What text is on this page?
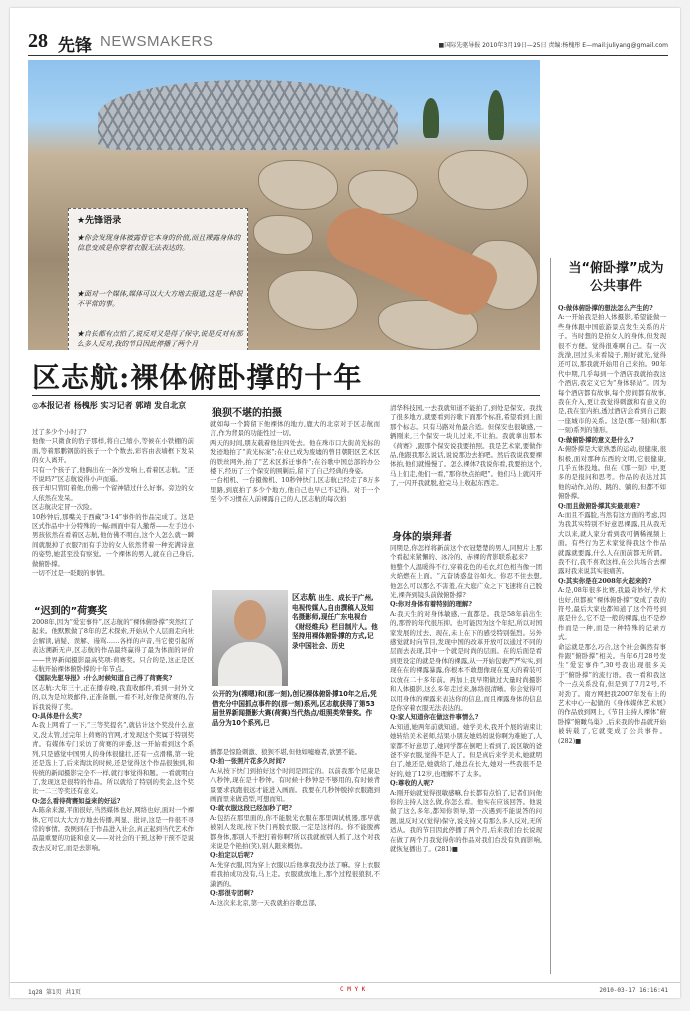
28 先锋 NEWSMAKERS	■国际先驱导报 2010年3月19日—25日 责编:杨槐彤 E—mail:juliyang@gmail.com
★先锋语录
★你会发现身体被露骨它本身的价值,而且裸露身体的信息变成是你穿着衣服无法表达的。
★面对一个媒体,媒体可以大大方地去报道,这是一种很不平常的事。
★自长都有点怕了,说反对又是得了保守,说是反对有那么多人反对,我的节目因此停播了两个月
区志航:裸体俯卧撑的十年
◎本报记者 杨槐彤 实习记者 郭靖 发自北京

过了多少个小时了?

他像一只微食的豹子那样,将自己缩小,等候在小铁棚的前面,等着那鹏钢筋的孩子一个个数去,彩容由表墙框下发呆的女人离开。

只有一个孩子了,他胸出在一条沙发响上,看着区志航。“还不说吗?”区志航说得小声而遥。

孩子却只管盯着他,仿佛一个留神错过什么好事。旁边的女人依然在发呆。

区志航决定冒一次险。

10秒钟后,那嘴关于西藏“3·14”事件的作品完成了。这是区式作品中十分特殊的一幅:画面中有人撤帮——左手边小男孩依然在看着区志航,他仿佛不明白,这个人怎么就一瞬间就脱掉了衣服?而有手边的女人依然背着一种充满诗意的姿势,她甚至没有察觉。一个裸体的男人,就在自己身后,做俯卧撑。

一切不过是一眨眼的事情。

“迟到的”荷赛奖

2008年,因为“爱宏事件”,区志航的“裸体俯卧撑”突然红了起来。他默默做了8年的艺术探索,开始从个人层面走向社会解读,请疑、误解、谩骂……各样的声音,当它使引起所表达溯新无声,区志航的作品最终赢得了最为体面的评价——世界新闻摄影最高奖项:荷赛奖。只合的是,这正是区志航开始裸体俯卧撑的十年节点。

《国际先驱导报》:什么时候知道自己得了荷赛奖?

区志航:大年三十,正在播春晚,我直收邮件,看到一封外文的,以为是垃圾邮件,正准备删,一看不对,好像是荷赛的,告诉我说得了奖。

Q:具体是什么奖?

A:我上网看了一下,“三等奖提名”,就估计这个奖没什么意义,没太管,过完年上荷赛的官网,才发现这个奖属于特别奖青。有媒体专门采访了荷赛的评委,这一开始看到这个系列,只是感觉中国男人的身体很健壮,还有一点滑稽,第一轮还是选上了,后来淘汰的时候,还是觉得这个作品很独到,和传统的新闻摄影完全不一样,就行事觉得和题。一看就明白了,发现这是很特的作品。所以就给了特别的奖金,这个奖比一二三等奖还有意义。

Q:怎么看待荷赛如益来的好运?

A:陈余来源,平面很好,当然媒体也好,网络也好,面对一个裸体,它可以大大方方地去传播,判显、批评,这是一件很不寻常的事情。我例到在于作品进入社会,真正起到当代艺术作品最重要的功能和意义——对社会的干预,这种干预不是说我去反对它,而是去影响。

狼狈不堪的拍摄

就如每一个跨留下他裸体的地方,鹿大的北京对于区志航而言,作为背景的功能性过一切。

两天的时间,朋友载着他往四处去。他在珠市口大街黄光标的发迹地拍了“黄光标案”;在业已成为废墟的曾目朝阳区艺术区的铁丝网外,拍了“艺术区拆迁事件”;在谷歌中国总部的办公楼下,经历了三个保安的围剿后,留下了自己经典的身姿。

一台相机、一台摄像机、10秒钟快门,区志航已经走了8万多里路,到底拍了多少个地方,他自己也早已不记得。对于一个至今不习惯在人前裸露自己的人,区志航的每次拍

区志航 出生、成长于广州,电视传媒人,自由撰稿人及知名摄影师,现任广东电视台《财经维兵》栏目制片人。他坚持用裸体俯卧撑的方式,记录中国社会、历史
公开的为(裸嗯)和(那一刻),创记裸体俯卧撑10年之后,凭借充分中国抓点事件的(那一刻)系列,区志航获得了第53届世界新闻摄影大赛(荷赛)当代热点/组照类荣誉奖。作品分为10个系列,已

播都是惊险刺激、狼狈不堪,但他如嘘瘾者,欲罢不能。

Q:拍一张照片花多久时间?

A:从按下快门到拍好这个时间是固定的。以前我那个尼康是八秒钟,现在是十秒钟。有时候十秒钟是不够用的,有时候背景要求我跑很远才能进入画面。我要在几秒钟脱掉衣服跑到画面里来做造型,可想而知。

Q:就衣服这段已经加秒了吧?

A:包括在那里面的,你不能脱光衣服在那里调试机器,那早就被别人发现,按下快门再脱衣服,一定是这样的。你不能脱裤都身体,那别人不把打着你啊?所以我就被别人抓了,这个对我来说是个艳拍(笑),别人跟来概仿。

Q:拍定以后呢?

A:先穿衣服,因为穿上衣服以后他拿我没办法了嘛。穿上衣服看我拍成功没有,马上走。衣服就放地上,那个过程很狼狈,不潇洒的。

Q:那很专团啊?

A:这次来北京,第一天我就拍谷歌总部,

清华科技园,一去我就知道不能拍了,到处是保安。我找了很多地方,就要看到谷歌下面那个标准,希望看到上面那个标志。只有马路对角最合适。但保安也很敏感,一辆刚来,三个保安一块儿过来,不让拍。我就拿出那本《荷赛》,跟那个保安说我要拍照。我是艺术家,要做作品,他跟我那么说话,说说那边去拍吧。然后我说我要裸体拍,他们就慢慢了。怎么裸体?我说你看,我要拍这个,马上们走,他们一看,“那你快点拍吧”。他们马上就闪开了,一闪开我就脱,抢完马上收起东西走。

身体的崇拜者

同期是,你怎样将新前这个衣冠楚楚的男人,同照片上那个看起来紧懈的、冰冷的、赤裸的背影联系起来?

他整个人温暖得不行,穿着花色的毛衣,红色相当像一团火焰燃在上面。“亢奋诱惑盘谷如火。你忍不住去想,他怎么可以那么不害羞,在大庭广众之下飞速将自己脱光,裸奔到镜头前做俯卧撑?

Q:你对身体有着特别的理解?

A:我天生的对身体敏感,一直都是。我是58年前出生的,那曾的年代很压抑。也可能因为这个年纪,所以对国家发展的过去、现在,未上在下的感受特别强烈。另外感觉就时向节目,发现中国的改革开放可以通过不同的层面去表现,其中一个就是时尚的层面。在的后面是看到更设定的就是身体的裸露,从一开始包裹严严实实,到现在在的裸露暴露,你根本不敢想像现在夏天的着装可以放在二十多年前。再加上我早期做过大量时尚摄影和人体摄影,这么多年走过来,脉络很清晰。你会觉得可以用身体的裸露来表达你的信息,而且裸露身体的信息是你穿着衣服无法表达的。

Q:家人知道你在做这件事情么?

A:知道,她两年前就知道。她学美术,我开个展的请束让她转给美术老师,结果小朋友她妈妈说你啊为难她了,人家都不好意思了,她同学都在倒吧上看到了,说区敏的爸爸不穿衣服,觉得不是人了。但是真后来学美术,她就明白了,她还是,她就给了,她总在长大,她对一些我很不是好的,她了12岁,也理解不了太多。

Q:尊收的人呢?

A:刚开始就觉得很敏感嘛,台长都有点怕了,记者们问他你的主持人这么做,你怎么看。他实在应该回答。他说做了这么多年,都知你领导,第一次遇到不能说答的问题,说反对又(觉得)保守,说支持又有那么多人反对,无所适从。我的节目因此停播了两个月,后来我们台长说现在做了两个月我觉得你的作品对我们台没有负面影响,就恢复播出了。(281)■

当“俯卧撑”成为公共事件

Q:做体俯卧撑的想法怎么产生的?

A:一开始我是拍人体摄影,希望能做一些身体跟中国旅游景点发生关系的片子。当时想的是拍女人的身体,但发现很不方便。觉得很难啊自己。有一次洗澡,回过头来看镜子,刚好就光,觉得还可以,那我就开始用自己来拍。90年代中期,几乎每到一个酒店我就拍我这个酒店,我定义它为“身体驿站”。因为每个酒店都有故事,每个房间都有故事,我在介入,更让我觉得刺激和有意义的是,我在室内拍,透过酒店会看到自己跟一座城市的关系。这是(那一刻)和(那一刻)系列的雏形。

Q:做俯卧撑的意义是什么?

A:俯卧撑是大家熟悉的运动,很健康,很积极,面对那种东西的文明,它很健康,几乎五体投地。但在《那一刻》中,更多的是报问和思考。作品的表达过其他的动作,站的、跳的、躺的,但都不如俯卧撑。

Q:而且做俯卧撑其实最艰难?

A:而且不露脸,当然有这方面的考虑,因为我其实特别不好意思裸露,且从我无大以来,就人家分看到我可俩稀视频上面。有些行为艺术家觉得我这个作品就露就要露,什么人在面前都无所谓。我不行,我不喜欢这样,在公共场合去裸露对我来说其实很痛苦。

Q:其实你是在2008年火起来的?

A:是,08年很多比赛,我最奇妙好,学术也好,但都被“裸体俯卧撑”变成了我的符号,最后大家也都知道了这个符号到底是什么,它不是一般的裸露,也不是炒作而是一种,而是一种特殊的记录方式。

命运就是那么巧合,这个社会偶然有事件跟“俯卧撑”相关。当年6月28号发生“爱宏事件”,30号我出现很多关于“俯卧撑”的流行语。我一看和我这个一点关系没有,但是到了7月2号,不对劲了。南方网把我2007年发布上的艺术中心一起做的《身体媒体艺术展》的作品放到网上,《节目主持人裸体“俯卧撑”俯瞰鸟巢》,后来我的作品就开始被转载了,它就变成了公共事件。(282)■

1q28 第1页 共1页	C M Y K	2010-03-17 16:16:41
